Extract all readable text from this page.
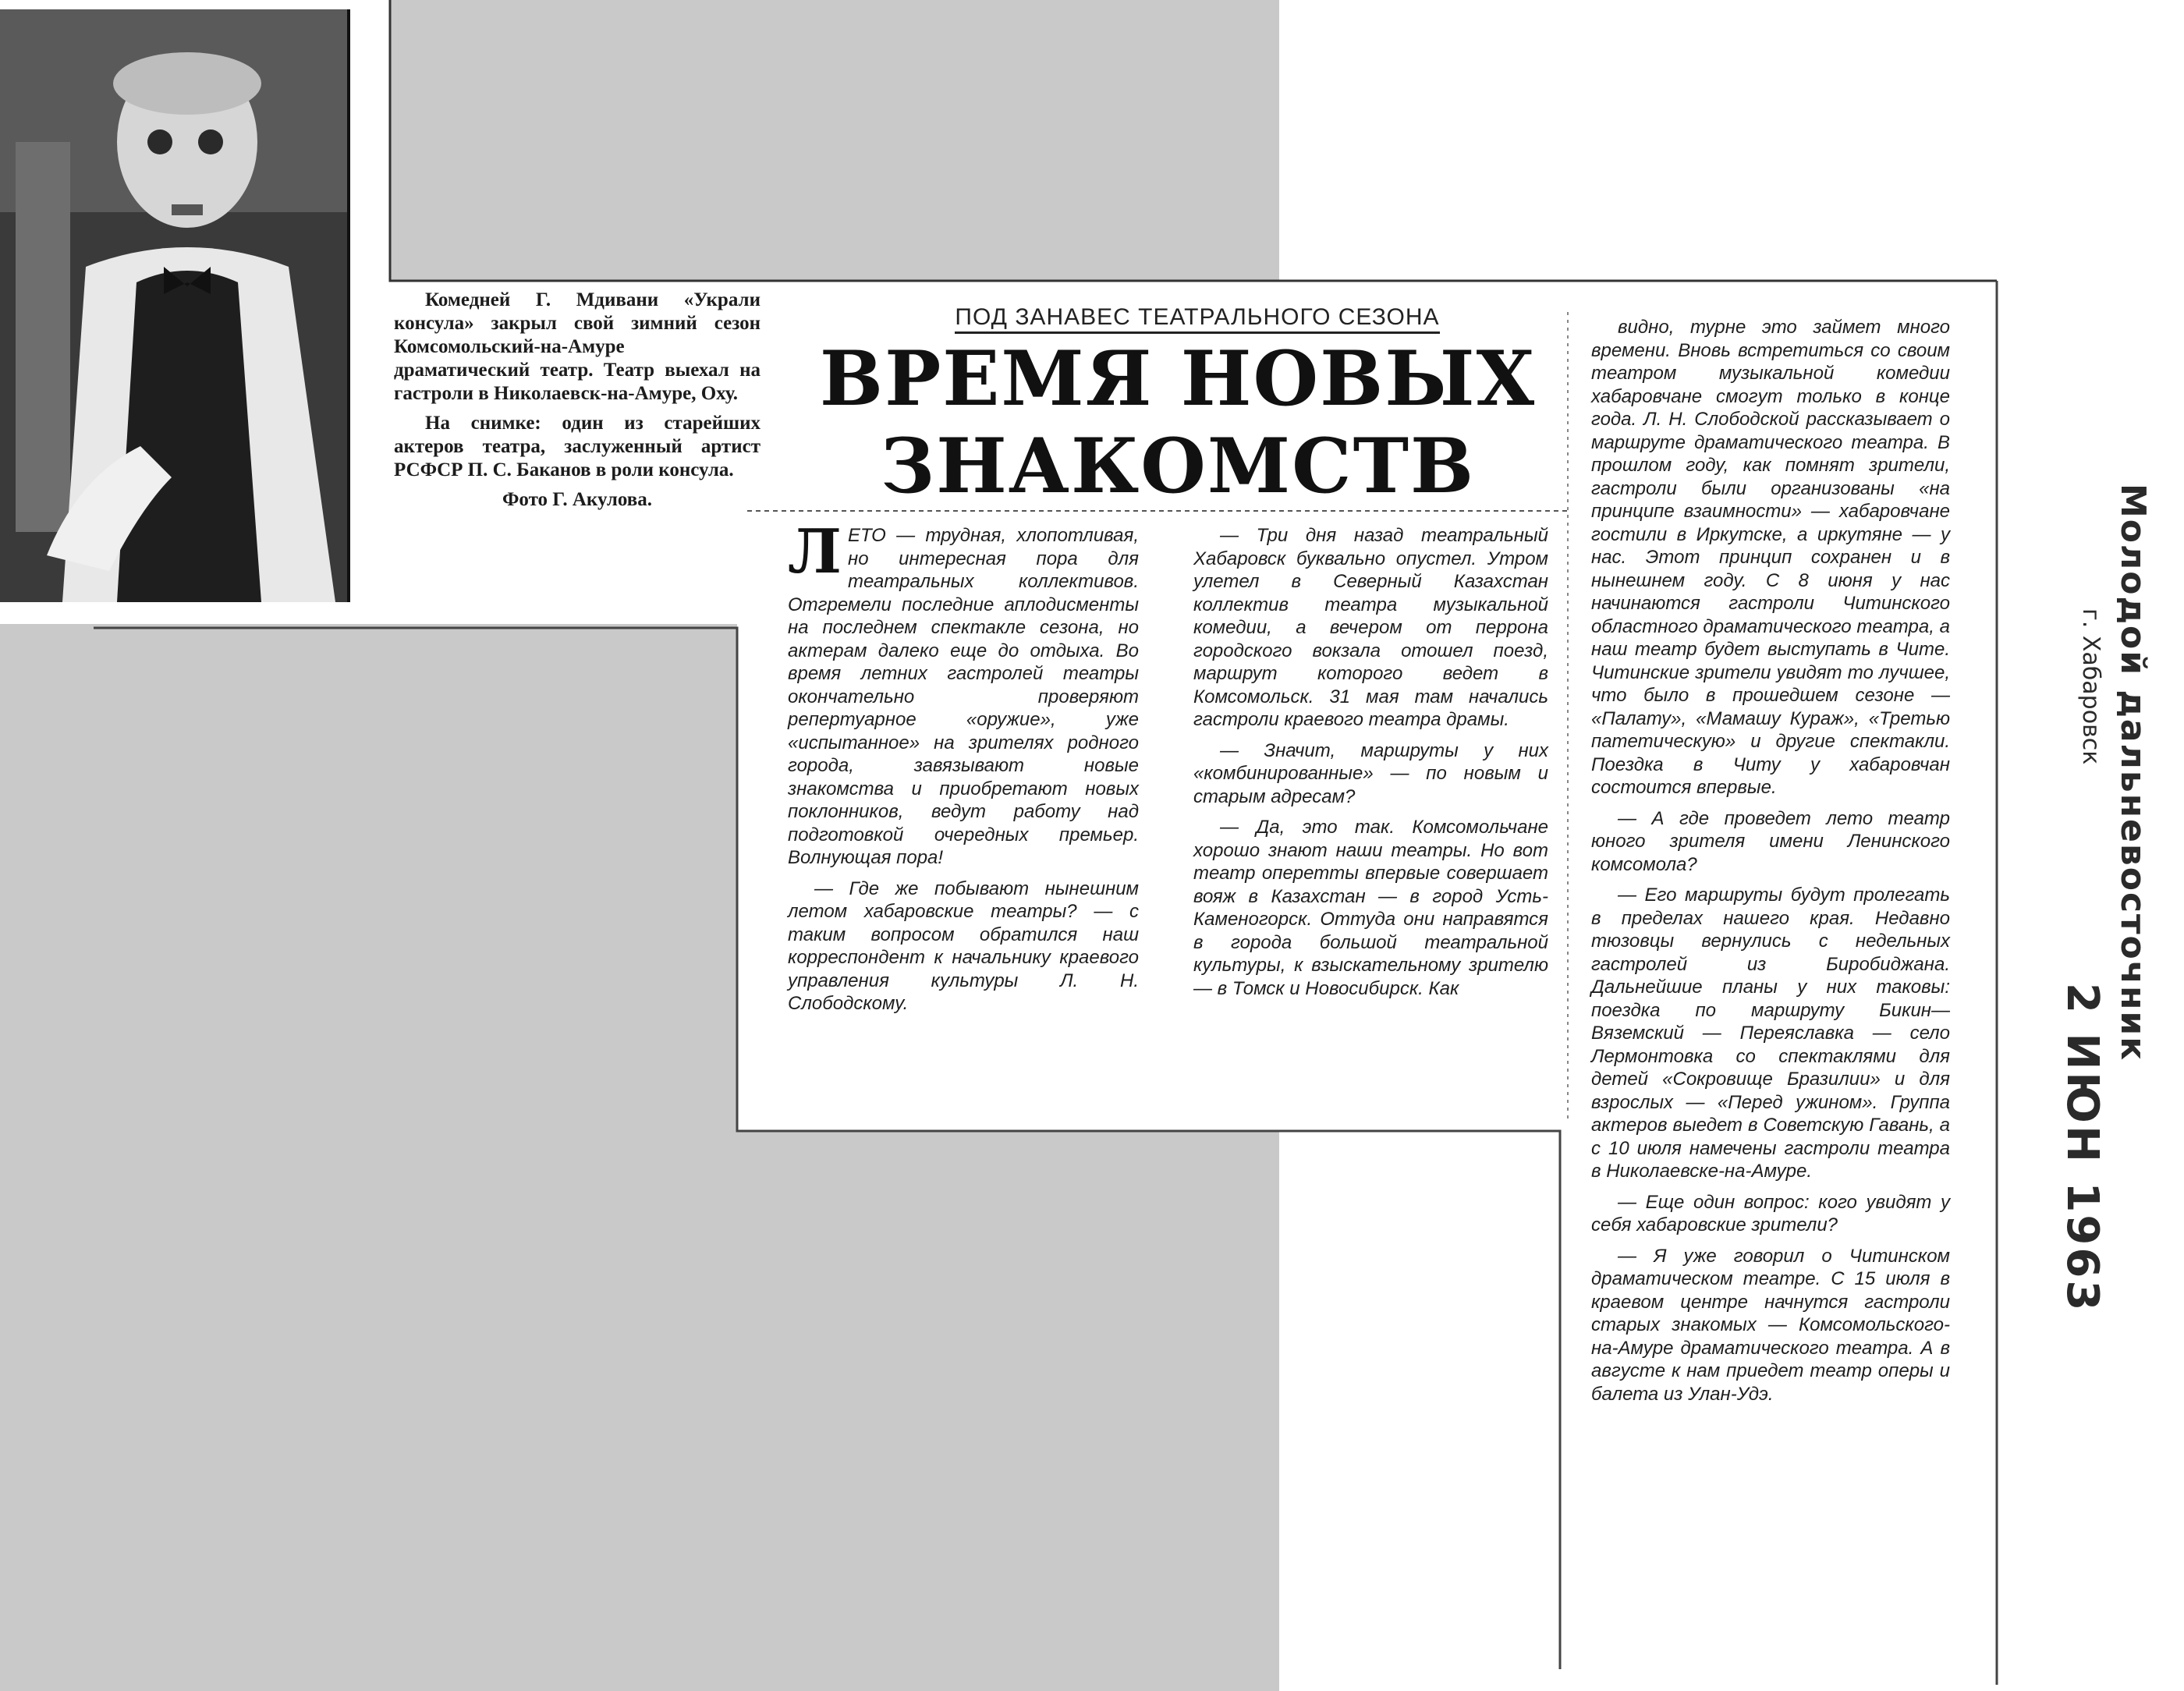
Комедней Г. Мдивани «Украли консула» закрыл свой зимний сезон Комсомольский-на-Амуре драматический театр. Театр выехал на гастроли в Николаевск-на-Амуре, Оху.

На снимке: один из старейших актеров театра, заслуженный артист РСФСР П. С. Баканов в роли консула.

Фото Г. Акулова.

ПОД ЗАНАВЕС ТЕАТРАЛЬНОГО СЕЗОНА
ВРЕМЯ НОВЫХ
ЗНАКОМСТВ

ЛЕТО — трудная, хлопотливая, но интересная пора для театральных коллективов. Отгремели последние аплодисменты на последнем спектакле сезона, но актерам далеко еще до отдыха. Во время летних гастролей театры окончательно проверяют репертуарное «оружие», уже «испытанное» на зрителях родного города, завязывают новые знакомства и приобретают новых поклонников, ведут работу над подготовкой очередных премьер. Волнующая пора!

— Где же побывают нынешним летом хабаровские театры? — с таким вопросом обратился наш корреспондент к начальнику краевого управления культуры Л. Н. Слободскому.

— Три дня назад театральный Хабаровск буквально опустел. Утром улетел в Северный Казахстан коллектив театра музыкальной комедии, а вечером от перрона городского вокзала отошел поезд, маршрут которого ведет в Комсомольск. 31 мая там начались гастроли краевого театра драмы.

— Значит, маршруты у них «комбинированные» — по новым и старым адресам?

— Да, это так. Комсомольчане хорошо знают наши театры. Но вот театр оперетты впервые совершает вояж в Казахстан — в город Усть-Каменогорск. Оттуда они направятся в города большой театральной культуры, к взыскательному зрителю — в Томск и Новосибирск. Как

видно, турне это займет много времени. Вновь встретиться со своим театром музыкальной комедии хабаровчане смогут только в конце года. Л. Н. Слободской рассказывает о маршруте драматического театра. В прошлом году, как помнят зрители, гастроли были организованы «на принципе взаимности» — хабаровчане гостили в Иркутске, а иркутяне — у нас. Этот принцип сохранен и в нынешнем году. С 8 июня у нас начинаются гастроли Читинского областного драматического театра, а наш театр будет выступать в Чите. Читинские зрители увидят то лучшее, что было в прошедшем сезоне — «Палату», «Мамашу Кураж», «Третью патетическую» и другие спектакли. Поездка в Читу у хабаровчан состоится впервые.

— А где проведет лето театр юного зрителя имени Ленинского комсомола?

— Его маршруты будут пролегать в пределах нашего края. Недавно тюзовцы вернулись с недельных гастролей из Биробиджана. Дальнейшие планы у них таковы: поездка по маршруту Бикин—Вяземский — Переяславка — село Лермонтовка со спектаклями для детей «Сокровище Бразилии» и для взрослых — «Перед ужином». Группа актеров выедет в Советскую Гавань, а с 10 июля намечены гастроли театра в Николаевске-на-Амуре.

— Еще один вопрос: кого увидят у себя хабаровские зрители?

— Я уже говорил о Читинском драматическом театре. С 15 июля в краевом центре начнутся гастроли старых знакомых — Комсомольского-на-Амуре драматического театра. А в августе к нам приедет театр оперы и балета из Улан-Удэ.

Молодой дальневосточник
г. Хабаровск
2 ИЮН 1963
